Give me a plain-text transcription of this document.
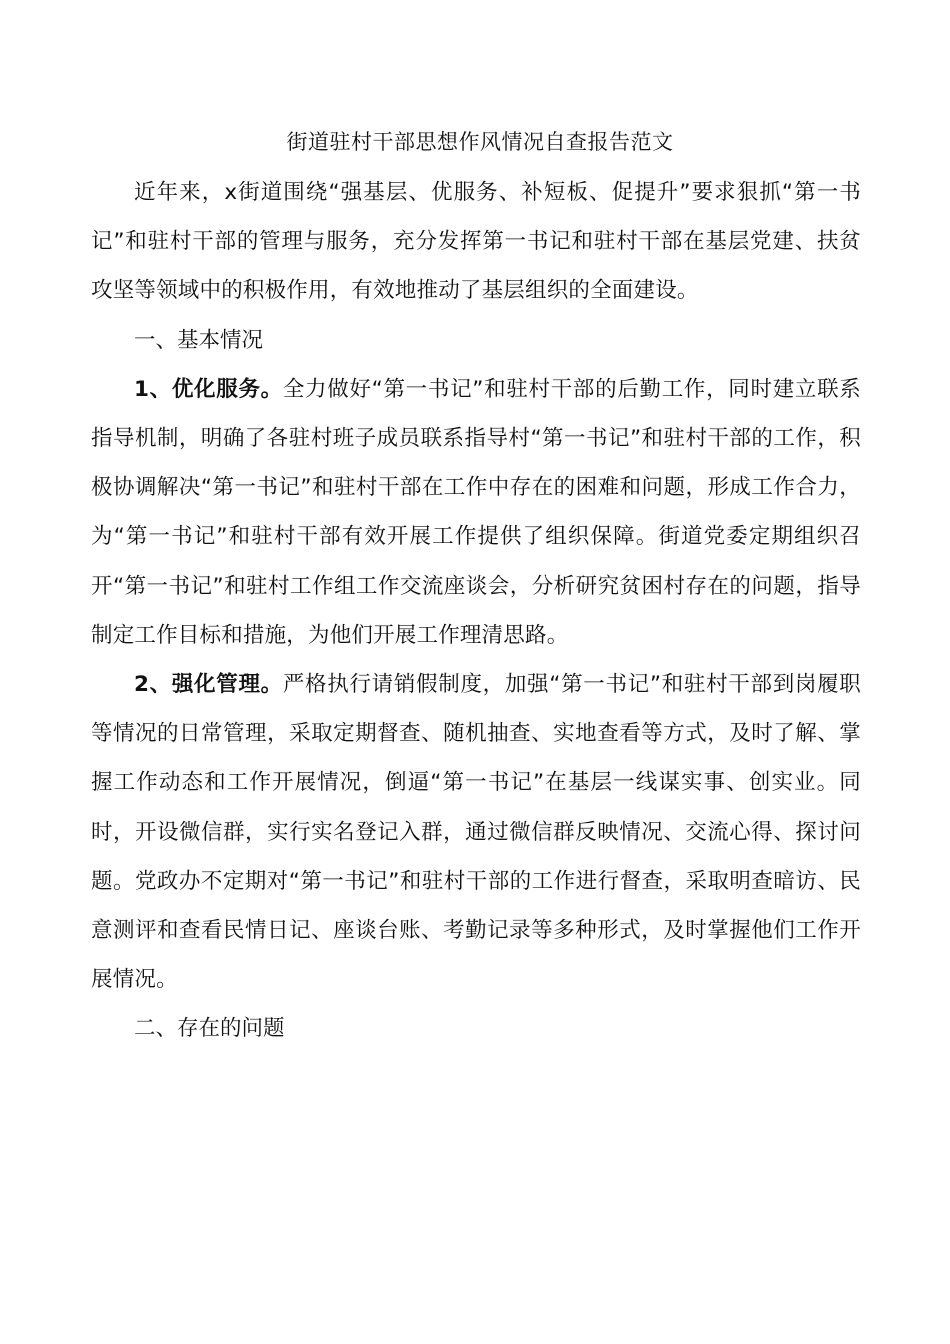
街道驻村干部思想作风情况自查报告范文

近年来，x街道围绕“强基层、优服务、补短板、促提升”要求狠抓“第一书记”和驻村干部的管理与服务，充分发挥第一书记和驻村干部在基层党建、扶贫攻坚等领域中的积极作用，有效地推动了基层组织的全面建设。

一、基本情况

1、优化服务。全力做好“第一书记”和驻村干部的后勤工作，同时建立联系指导机制，明确了各驻村班子成员联系指导村“第一书记”和驻村干部的工作，积极协调解决“第一书记”和驻村干部在工作中存在的困难和问题，形成工作合力，为“第一书记”和驻村干部有效开展工作提供了组织保障。街道党委定期组织召开“第一书记”和驻村工作组工作交流座谈会，分析研究贫困村存在的问题，指导制定工作目标和措施，为他们开展工作理清思路。

2、强化管理。严格执行请销假制度，加强“第一书记”和驻村干部到岗履职等情况的日常管理，采取定期督查、随机抽查、实地查看等方式，及时了解、掌握工作动态和工作开展情况，倒逼“第一书记”在基层一线谋实事、创实业。同时，开设微信群，实行实名登记入群，通过微信群反映情况、交流心得、探讨问题。党政办不定期对“第一书记”和驻村干部的工作进行督查，采取明查暗访、民意测评和查看民情日记、座谈台账、考勤记录等多种形式，及时掌握他们工作开展情况。

二、存在的问题
